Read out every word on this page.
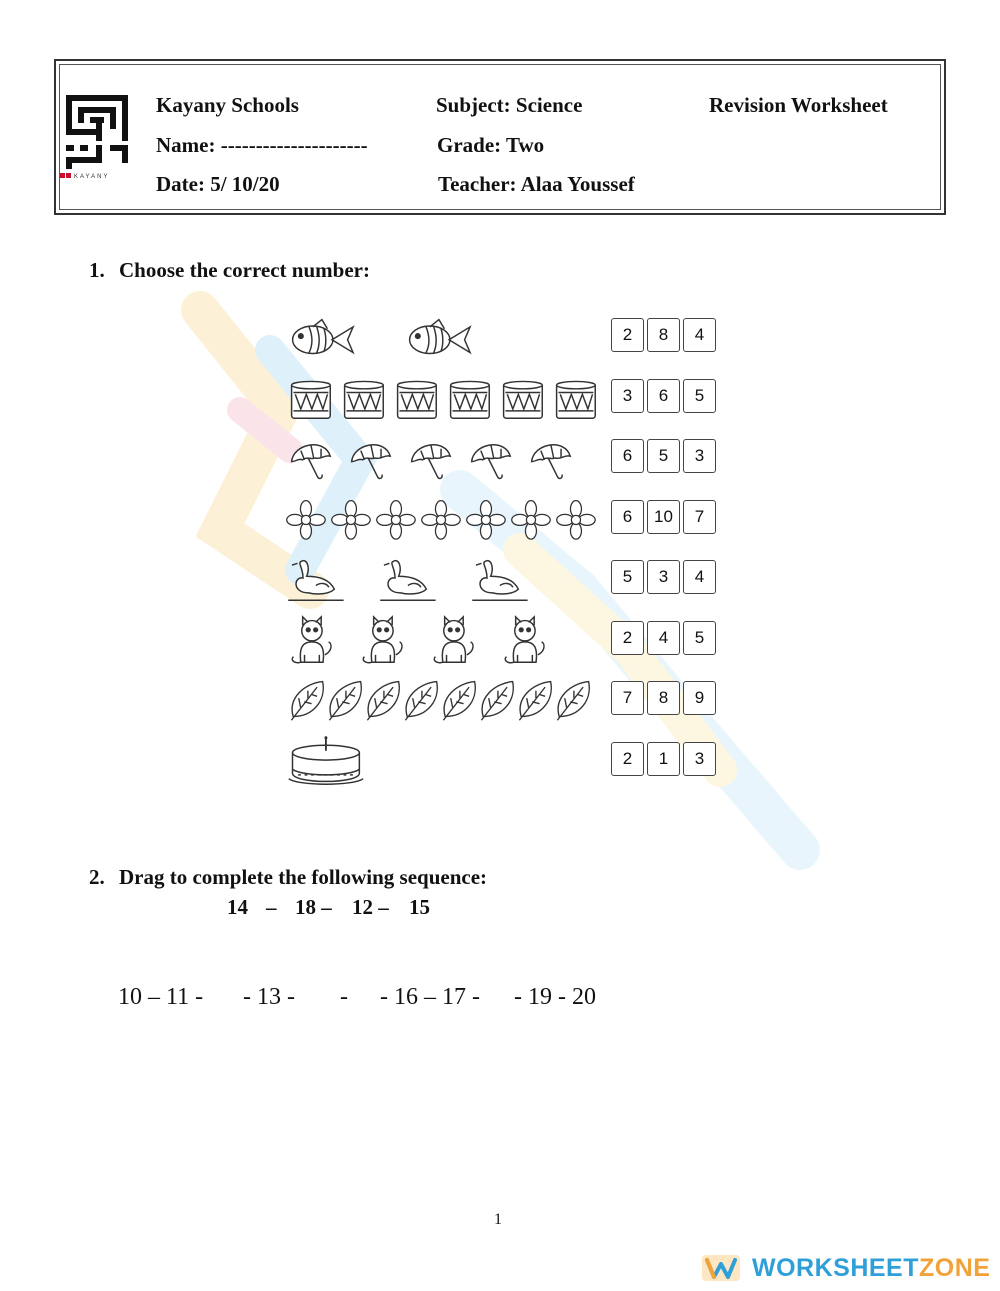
KAYANY
Kayany Schools	Subject: Science	Revision Worksheet
Name: ---------------------	Grade: Two
Date: 5/ 10/20	Teacher: Alaa Youssef
1. Choose the correct number:
2	8	4
3	6	5
6	5	3
6	10	7
5	3	4
2	4	5
7	8	9
2	1	3
2. Drag to complete the following sequence:
14 – 18 – 12 – 15
10 – 11 - - 13 - - - 16 – 17 - - 19 - 20
1
WORKSHEETZONE
